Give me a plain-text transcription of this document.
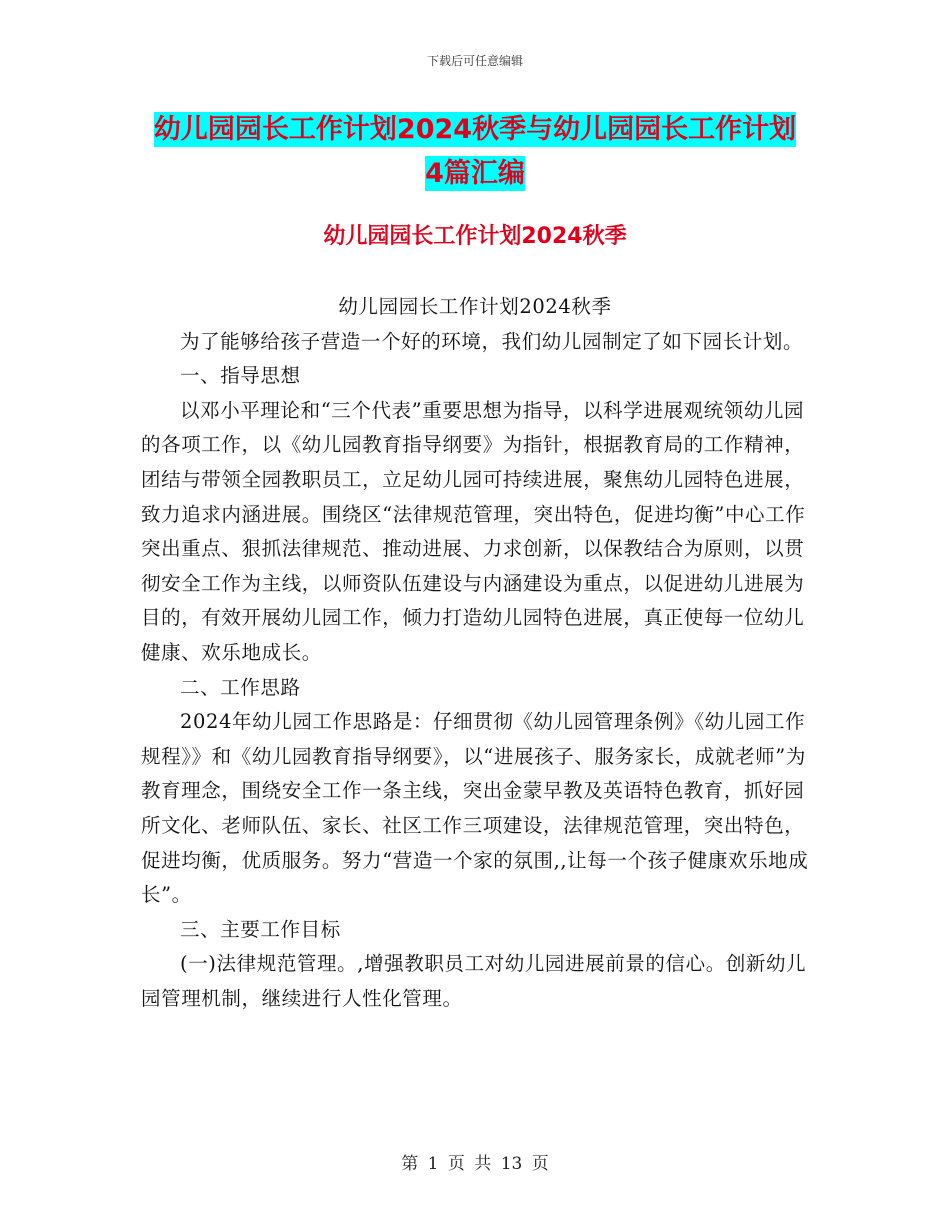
下载后可任意编辑
幼儿园园长工作计划2024秋季与幼儿园园长工作计划
4篇汇编
幼儿园园长工作计划2024秋季

幼儿园园长工作计划2024秋季

为了能够给孩子营造一个好的环境，我们幼儿园制定了如下园长计划。

一、指导思想

以邓小平理论和“三个代表”重要思想为指导，以科学进展观统领幼儿园的各项工作，以《幼儿园教育指导纲要》为指针，根据教育局的工作精神，团结与带领全园教职员工，立足幼儿园可持续进展，聚焦幼儿园特色进展，致力追求内涵进展。围绕区“法律规范管理，突出特色，促进均衡”中心工作突出重点、狠抓法律规范、推动进展、力求创新，以保教结合为原则，以贯彻安全工作为主线，以师资队伍建设与内涵建设为重点，以促进幼儿进展为目的，有效开展幼儿园工作，倾力打造幼儿园特色进展，真正使每一位幼儿健康、欢乐地成长。

二、工作思路

2024年幼儿园工作思路是：仔细贯彻《幼儿园管理条例》《幼儿园工作规程》》和《幼儿园教育指导纲要》，以“进展孩子、服务家长，成就老师”为教育理念，围绕安全工作一条主线，突出金蒙早教及英语特色教育，抓好园所文化、老师队伍、家长、社区工作三项建设，法律规范管理，突出特色，促进均衡，优质服务。努力“营造一个家的氛围,,让每一个孩子健康欢乐地成长”。

三、主要工作目标

(一)法律规范管理。,增强教职员工对幼儿园进展前景的信心。创新幼儿园管理机制，继续进行人性化管理。

第 1 页 共 13 页
